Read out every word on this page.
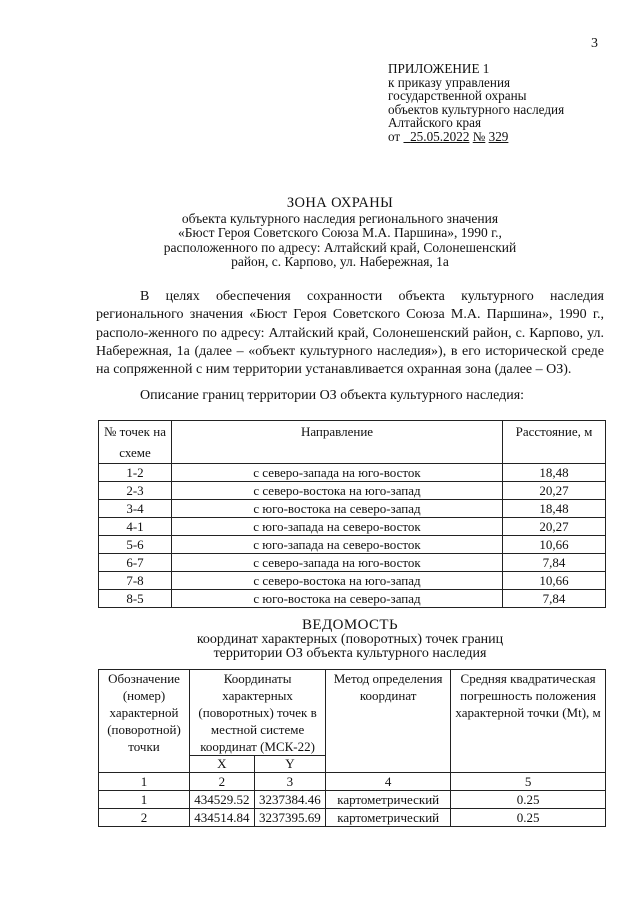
3
ПРИЛОЖЕНИЕ 1
к приказу управления
государственной охраны
объектов культурного наследия
Алтайского края
от 25.05.2022 № 329
ЗОНА ОХРАНЫ
объекта культурного наследия регионального значения
«Бюст Героя Советского Союза М.А. Паршина», 1990 г.,
расположенного по адресу: Алтайский край, Солонешенский
район, с. Карпово, ул. Набережная, 1а

В целях обеспечения сохранности объекта культурного наследия регионального значения «Бюст Героя Советского Союза М.А. Паршина», 1990 г., располо-женного по адресу: Алтайский край, Солонешенский район, с. Карпово, ул. Набережная, 1а (далее – «объект культурного наследия»), в его исторической среде на сопряженной с ним территории устанавливается охранная зона (далее – ОЗ).

Описание границ территории ОЗ объекта культурного наследия:
№ точек на схеме	Направление	Расстояние, м
1-2	с северо-запада на юго-восток	18,48
2-3	с северо-востока на юго-запад	20,27
3-4	с юго-востока на северо-запад	18,48
4-1	с юго-запада на северо-восток	20,27
5-6	с юго-запада на северо-восток	10,66
6-7	с северо-запада на юго-восток	7,84
7-8	с северо-востока на юго-запад	10,66
8-5	с юго-востока на северо-запад	7,84
ВЕДОМОСТЬ
координат характерных (поворотных) точек границ
территории ОЗ объекта культурного наследия
Обозначение (номер) характерной (поворотной) точки	Координаты характерных (поворотных) точек в местной системе координат (МСК-22)		Метод определения координат	Средняя квадратическая погрешность положения характерной точки (Mt), м
	X	Y		
1	2	3	4	5
1	434529.52	3237384.46	картометрический	0.25
2	434514.84	3237395.69	картометрический	0.25
